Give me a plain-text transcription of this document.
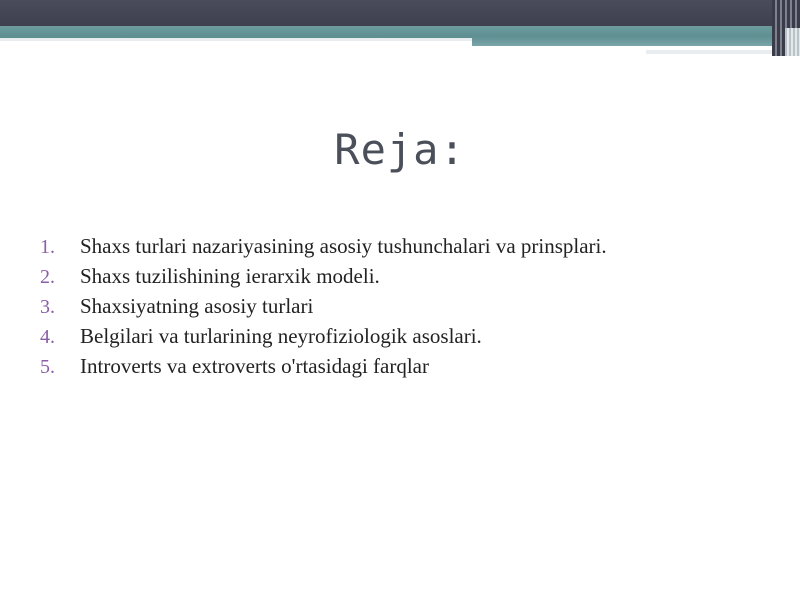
Reja:
1.	Shaxs turlari nazariyasining asosiy tushunchalari va prinsplari.
2.	Shaxs tuzilishining ierarxik modeli.
3.	Shaxsiyatning asosiy turlari
4.	Belgilari va turlarining neyrofiziologik asoslari.
5.	Introverts va extroverts o'rtasidagi farqlar
